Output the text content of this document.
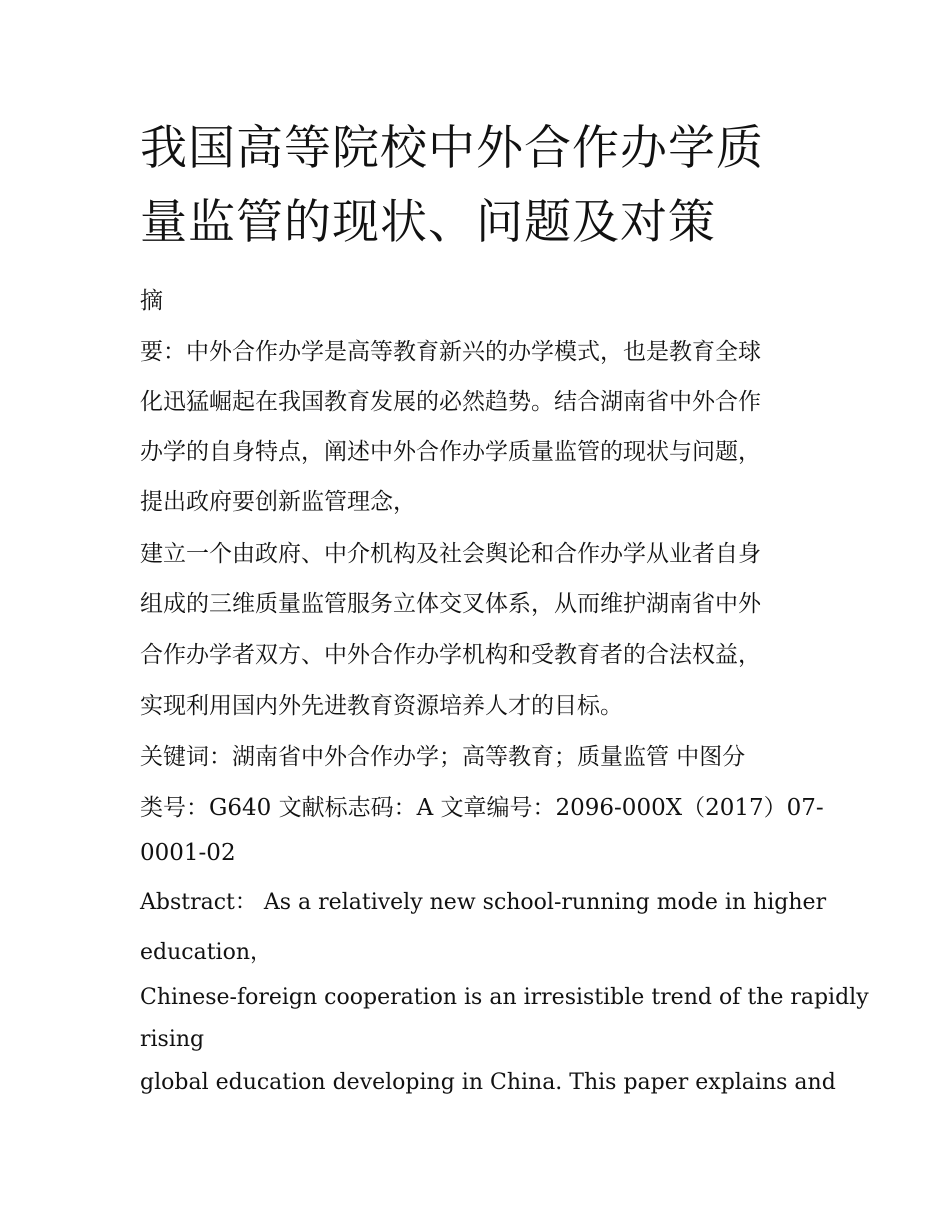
我国高等院校中外合作办学质
量监管的现状、问题及对策
摘
要：中外合作办学是高等教育新兴的办学模式，也是教育全球
化迅猛崛起在我国教育发展的必然趋势。结合湖南省中外合作
办学的自身特点，阐述中外合作办学质量监管的现状与问题，
提出政府要创新监管理念，
建立一个由政府、中介机构及社会舆论和合作办学从业者自身
组成的三维质量监管服务立体交叉体系，从而维护湖南省中外
合作办学者双方、中外合作办学机构和受教育者的合法权益，
实现利用国内外先进教育资源培养人才的目标。
关键词：湖南省中外合作办学；高等教育；质量监管 中图分
类号：G640 文献标志码：A 文章编号：2096-000X（2017）07-
0001-02
Abstract： As a relatively new school-running mode in higher
education，
Chinese-foreign cooperation is an irresistible trend of the rapidly
rising
global education developing in China. This paper explains and
